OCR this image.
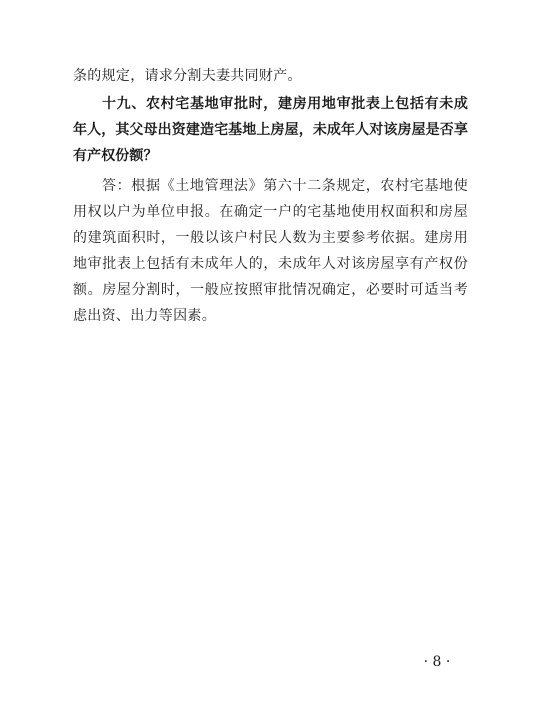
条的规定，请求分割夫妻共同财产。

十九、农村宅基地审批时，建房用地审批表上包括有未成年人，其父母出资建造宅基地上房屋，未成年人对该房屋是否享有产权份额？

答：根据《土地管理法》第六十二条规定，农村宅基地使用权以户为单位申报。在确定一户的宅基地使用权面积和房屋的建筑面积时，一般以该户村民人数为主要参考依据。建房用地审批表上包括有未成年人的，未成年人对该房屋享有产权份额。房屋分割时，一般应按照审批情况确定，必要时可适当考虑出资、出力等因素。

· 8 ·
